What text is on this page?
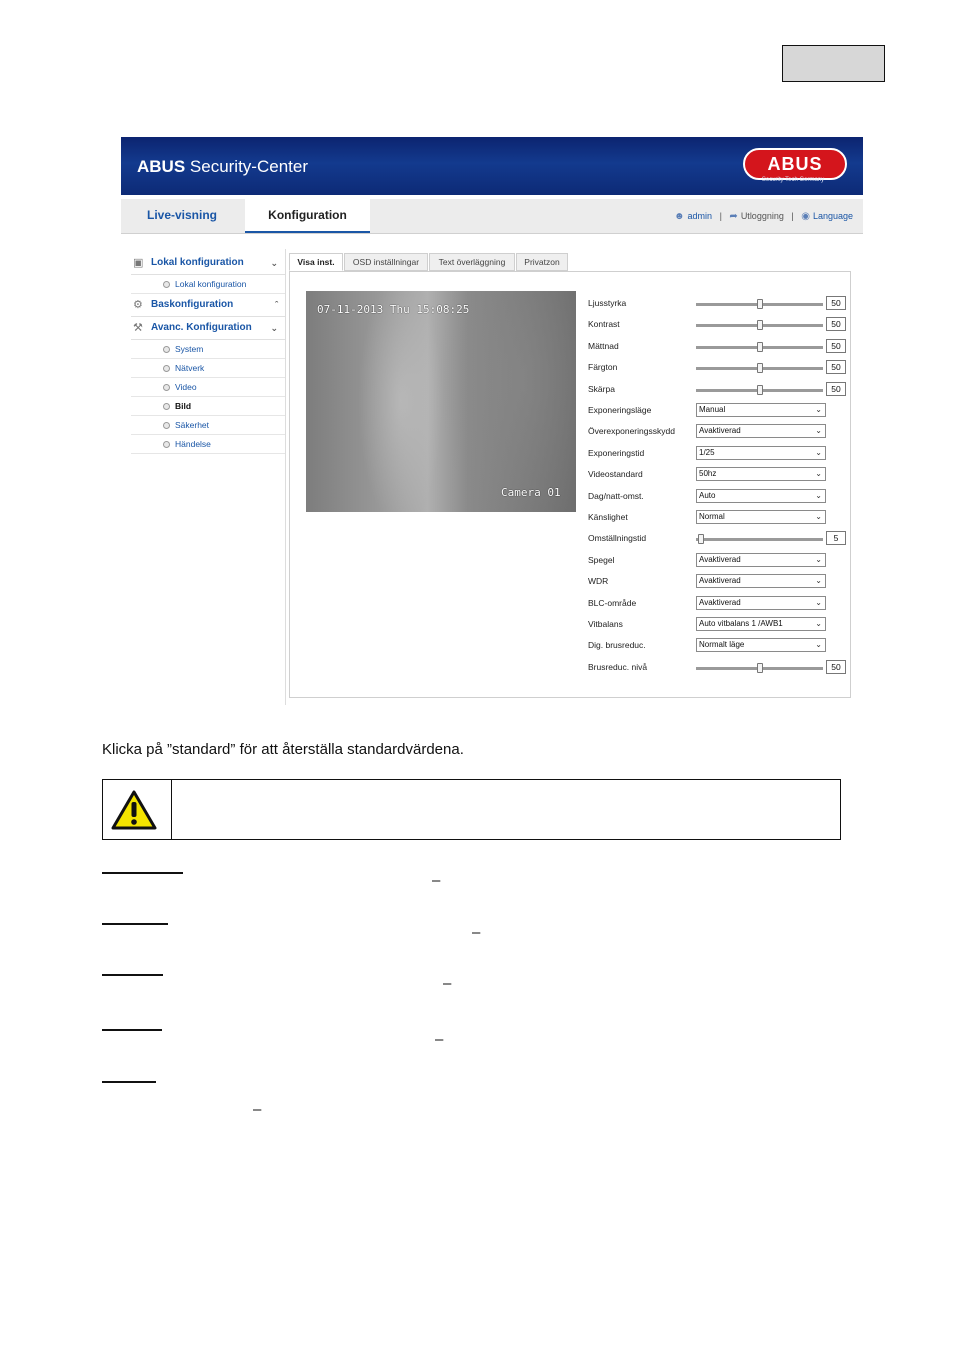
ABUS Security-Center	ABUS
Security Tech Germany
Live-visning	Konfiguration	☻ admin | ➦ Utloggning | ◉ Language
▣ Lokal konfiguration	⌄
Lokal konfiguration
⚙ Baskonfiguration	ˆ
⚒ Avanc. Konfiguration ⌄
System
Nätverk
Video
Bild
Säkerhet
Händelse
Visa inst.	OSD inställningar	Text överläggning	Privatzon
07-11-2013 Thu 15:08:25
Camera 01
Ljusstyrka	50
Kontrast	50
Mättnad	50
Färgton	50
Skärpa	50
Exponeringsläge	Manual	⌄
Överexponeringsskydd	Avaktiverad	⌄
Exponeringstid	1/25	⌄
Videostandard	50hz	⌄
Dag/natt-omst.	Auto	⌄
Känslighet	Normal	⌄
Omställningstid	5
Spegel	Avaktiverad	⌄
WDR	Avaktiverad	⌄
BLC-område	Avaktiverad	⌄
Vitbalans	Auto vitbalans 1 /AWB1	⌄
Dig. brusreduc.	Normalt läge	⌄
Brusreduc. nivå	50
Klicka på ”standard” för att återställa standardvärdena.
–
–
–
–
–
